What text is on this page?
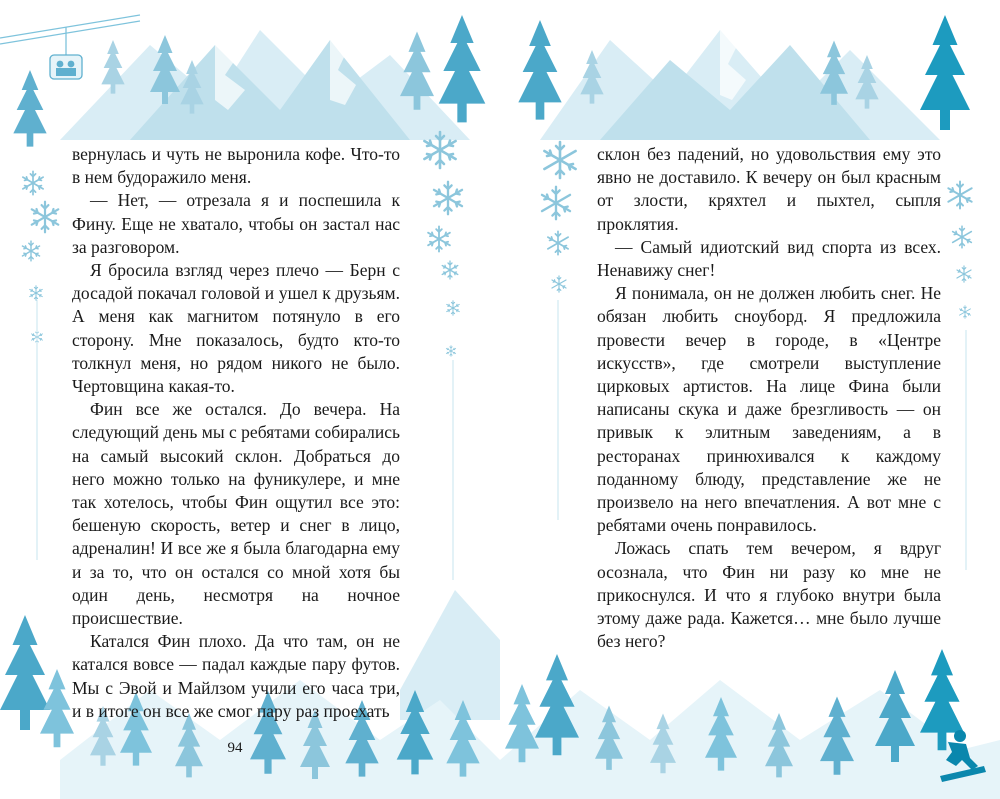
вернулась и чуть не выронила кофе. Что-то в нем будоражило меня.

— Нет, — отрезала я и поспешила к Фину. Еще не хватало, чтобы он застал нас за разговором.

Я бросила взгляд через плечо — Берн с досадой покачал головой и ушел к друзьям. А меня как магнитом потянуло в его сторону. Мне показалось, будто кто-то толкнул меня, но рядом никого не было. Чертовщина какая-то.

Фин все же остался. До вечера. На следующий день мы с ребятами собирались на самый высокий склон. Добраться до него можно только на фуникулере, и мне так хотелось, чтобы Фин ощутил все это: бешеную скорость, ветер и снег в лицо, адреналин! И все же я была благодарна ему и за то, что он остался со мной хотя бы один день, несмотря на ночное происшествие.

Катался Фин плохо. Да что там, он не катался вовсе — падал каждые пару футов. Мы с Эвой и Майлзом учили его часа три, и в итоге он все же смог пару раз проехать

94

склон без падений, но удовольствия ему это явно не доставило. К вечеру он был красным от злости, кряхтел и пыхтел, сыпля проклятия.

— Самый идиотский вид спорта из всех. Ненавижу снег!

Я понимала, он не должен любить снег. Не обязан любить сноуборд. Я предложила провести вечер в городе, в «Центре искусств», где смотрели выступление цирковых артистов. На лице Фина были написаны скука и даже брезгливость — он привык к элитным заведениям, а в ресторанах принюхивался к каждому поданному блюду, представление же не произвело на него впечатления. А вот мне с ребятами очень понравилось.

Ложась спать тем вечером, я вдруг осознала, что Фин ни разу ко мне не прикоснулся. И что я глубоко внутри была этому даже рада. Кажется… мне было лучше без него?
